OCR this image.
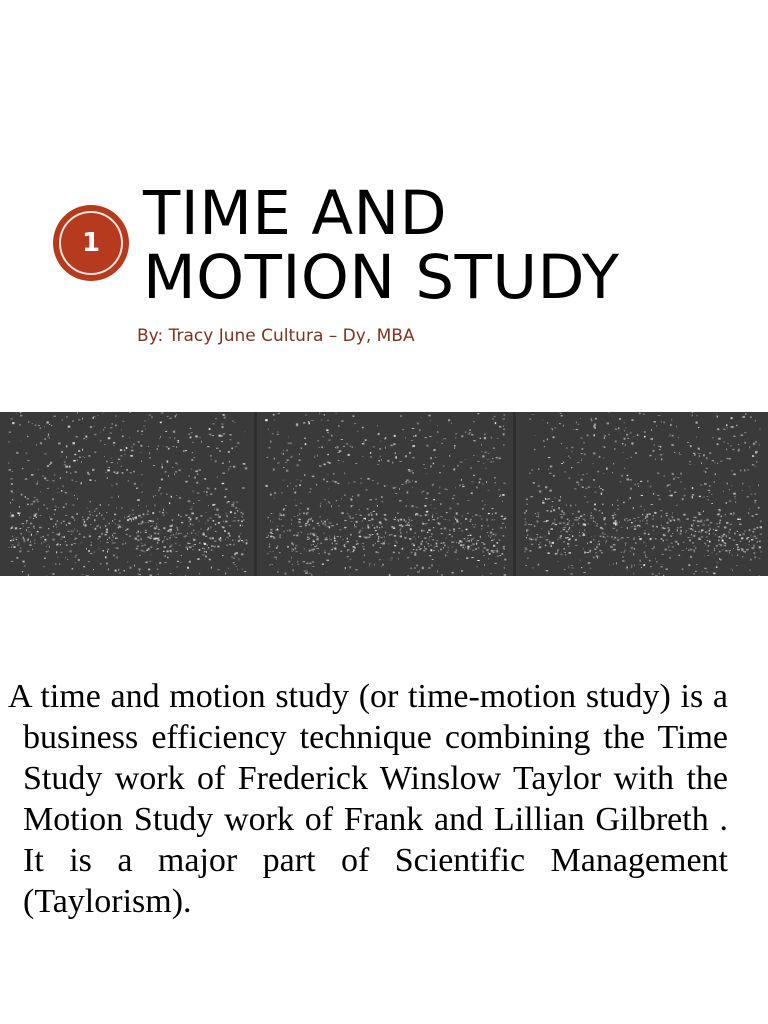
1 TIME AND
MOTION STUDY
By: Tracy June Cultura – Dy, MBA
A time and motion study (or time-motion study) is a business efficiency technique combining the Time Study work of Frederick Winslow Taylor with the Motion Study work of Frank and Lillian Gilbreth . It is a major part of Scientific Management (Taylorism).
